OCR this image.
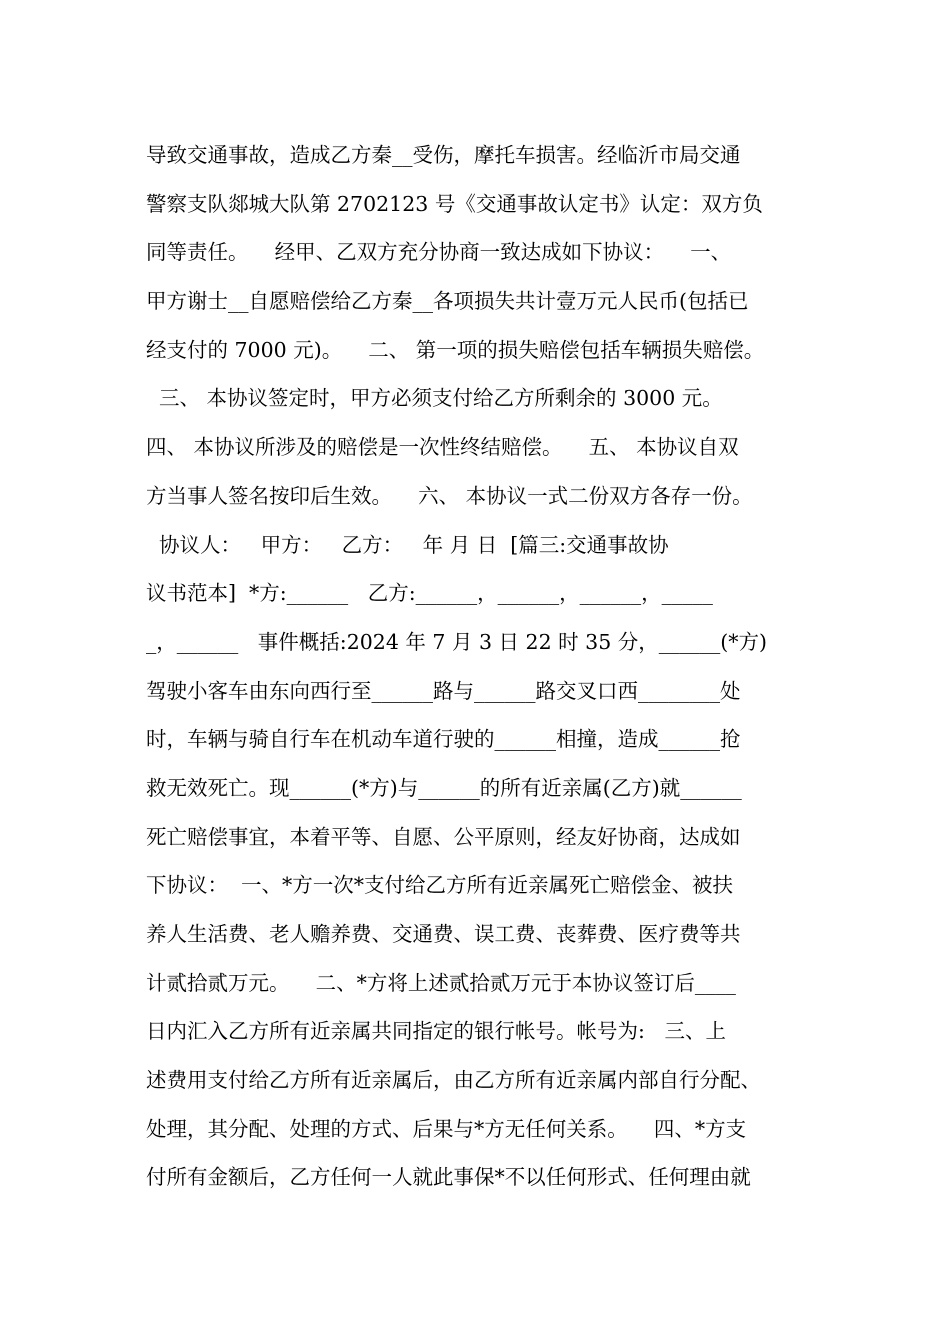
导致交通事故，造成乙方秦__受伤，摩托车损害。经临沂市局交通
警察支队郯城大队第 2702123 号《交通事故认定书》认定：双方负
同等责任。    经甲、乙双方充分协商一致达成如下协议：    一、
甲方谢士__自愿赔偿给乙方秦__各项损失共计壹万元人民币(包括已
经支付的 7000 元)。    二、 第一项的损失赔偿包括车辆损失赔偿。
三、 本协议签定时，甲方必须支付给乙方所剩余的 3000 元。
四、 本协议所涉及的赔偿是一次性终结赔偿。    五、 本协议自双
方当事人签名按印后生效。    六、 本协议一式二份双方各存一份。
协议人：   甲方：   乙方：   年 月 日  [篇三:交通事故协
议书范本]  *方:______   乙方:______，______，______，_____
_，______   事件概括:2024 年 7 月 3 日 22 时 35 分，______(*方)
驾驶小客车由东向西行至______路与______路交叉口西________处
时，车辆与骑自行车在机动车道行驶的______相撞，造成______抢
救无效死亡。现______(*方)与______的所有近亲属(乙方)就______
死亡赔偿事宜，本着平等、自愿、公平原则，经友好协商，达成如
下协议：  一、*方一次*支付给乙方所有近亲属死亡赔偿金、被扶
养人生活费、老人赡养费、交通费、误工费、丧葬费、医疗费等共
计贰拾贰万元。    二、*方将上述贰拾贰万元于本协议签订后____
日内汇入乙方所有近亲属共同指定的银行帐号。帐号为:   三、上
述费用支付给乙方所有近亲属后，由乙方所有近亲属内部自行分配、
处理，其分配、处理的方式、后果与*方无任何关系。    四、*方支
付所有金额后，乙方任何一人就此事保*不以任何形式、任何理由就
